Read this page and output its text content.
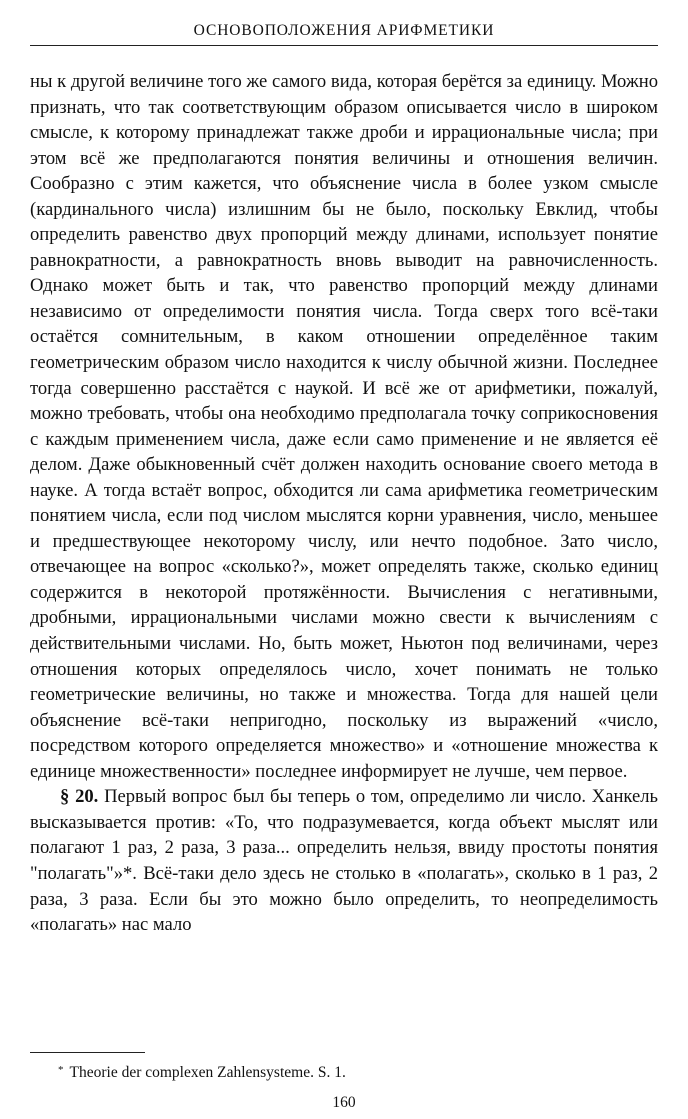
ОСНОВОПОЛОЖЕНИЯ АРИФМЕТИКИ

ны к другой величине того же самого вида, которая берётся за единицу. Можно признать, что так соответствующим образом описывается число в широком смысле, к которому принадлежат также дроби и иррациональные числа; при этом всё же предполагаются понятия величины и отношения величин. Сообразно с этим кажется, что объяснение числа в более узком смысле (кардинального числа) излишним бы не было, поскольку Евклид, чтобы определить равенство двух пропорций между длинами, использует понятие равнократности, а равнократность вновь выводит на равночисленность. Однако может быть и так, что равенство пропорций между длинами независимо от определимости понятия числа. Тогда сверх того всё-таки остаётся сомнительным, в каком отношении определённое таким геометрическим образом число находится к числу обычной жизни. Последнее тогда совершенно расстаётся с наукой. И всё же от арифметики, пожалуй, можно требовать, чтобы она необходимо предполагала точку соприкосновения с каждым применением числа, даже если само применение и не является её делом. Даже обыкновенный счёт должен находить основание своего метода в науке. А тогда встаёт вопрос, обходится ли сама арифметика геометрическим понятием числа, если под числом мыслятся корни уравнения, число, меньшее и предшествующее некоторому числу, или нечто подобное. Зато число, отвечающее на вопрос «сколько?», может определять также, сколько единиц содержится в некоторой протяжённости. Вычисления с негативными, дробными, иррациональными числами можно свести к вычислениям с действительными числами. Но, быть может, Ньютон под величинами, через отношения которых определялось число, хочет понимать не только геометрические величины, но также и множества. Тогда для нашей цели объяснение всё-таки непригодно, поскольку из выражений «число, посредством которого определяется множество» и «отношение множества к единице множественности» последнее информирует не лучше, чем первое.

§ 20. Первый вопрос был бы теперь о том, определимо ли число. Ханкель высказывается против: «То, что подразумевается, когда объект мыслят или полагают 1 раз, 2 раза, 3 раза... определить нельзя, ввиду простоты понятия "полагать"»*. Всё-таки дело здесь не столько в «полагать», сколько в 1 раз, 2 раза, 3 раза. Если бы это можно было определить, то неопределимость «полагать» нас мало

* Theorie der complexen Zahlensysteme. S. 1.
160
